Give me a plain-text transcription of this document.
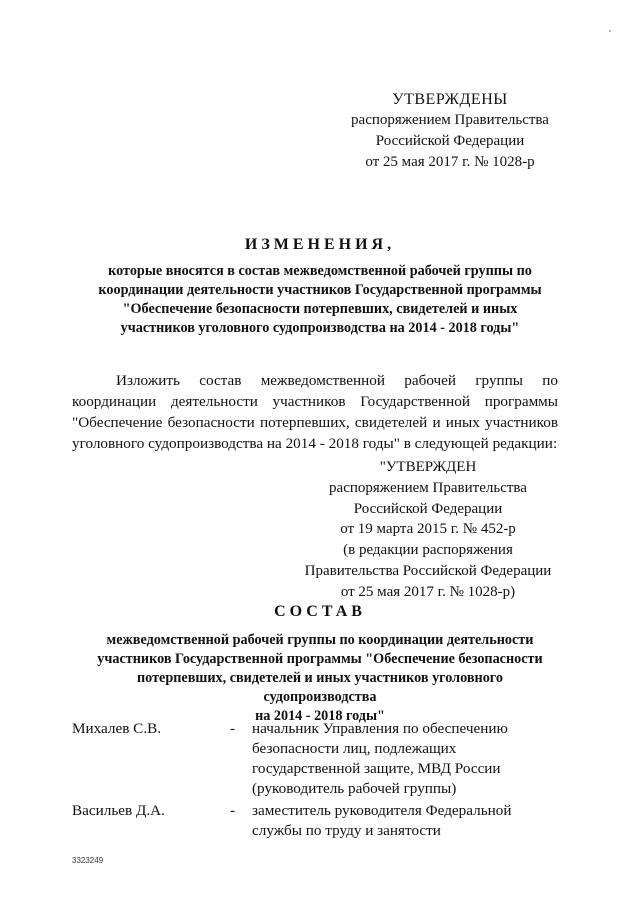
УТВЕРЖДЕНЫ
распоряжением Правительства
Российской Федерации
от 25 мая 2017 г. № 1028-р
ИЗМЕНЕНИЯ,
которые вносятся в состав межведомственной рабочей группы по
координации деятельности участников Государственной программы
"Обеспечение безопасности потерпевших, свидетелей и иных
участников уголовного судопроизводства на 2014 - 2018 годы"
Изложить состав межведомственной рабочей группы по координации деятельности участников Государственной программы "Обеспечение безопасности потерпевших, свидетелей и иных участников уголовного судопроизводства на 2014 - 2018 годы" в следующей редакции:
"УТВЕРЖДЕН
распоряжением Правительства
Российской Федерации
от 19 марта 2015 г. № 452-р
(в редакции распоряжения
Правительства Российской Федерации
от 25 мая 2017 г. № 1028-р)
СОСТАВ
межведомственной рабочей группы по координации деятельности
участников Государственной программы "Обеспечение безопасности
потерпевших, свидетелей и иных участников уголовного судопроизводства
на 2014 - 2018 годы"
Михалев С.В.	-	начальник Управления по обеспечению
безопасности лиц, подлежащих
государственной защите, МВД России
(руководитель рабочей группы)
Васильев Д.А.	-	заместитель руководителя Федеральной
службы по труду и занятости
3323249
